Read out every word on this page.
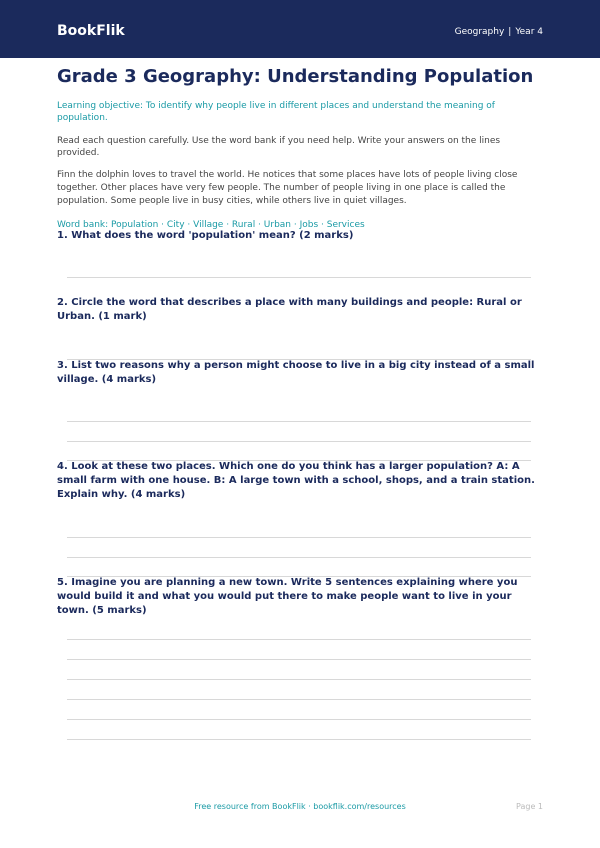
BookFlik	Geography | Year 4
Grade 3 Geography: Understanding Population
Learning objective: To identify why people live in different places and understand the meaning of population.
Read each question carefully. Use the word bank if you need help. Write your answers on the lines provided.
Finn the dolphin loves to travel the world. He notices that some places have lots of people living close together. Other places have very few people. The number of people living in one place is called the population. Some people live in busy cities, while others live in quiet villages.
Word bank: Population · City · Village · Rural · Urban · Jobs · Services
1. What does the word 'population' mean? (2 marks)
2. Circle the word that describes a place with many buildings and people: Rural or Urban. (1 mark)
3. List two reasons why a person might choose to live in a big city instead of a small village. (4 marks)
4. Look at these two places. Which one do you think has a larger population? A: A small farm with one house. B: A large town with a school, shops, and a train station. Explain why. (4 marks)
5. Imagine you are planning a new town. Write 5 sentences explaining where you would build it and what you would put there to make people want to live in your town. (5 marks)
Free resource from BookFlik · bookflik.com/resources	Page 1
